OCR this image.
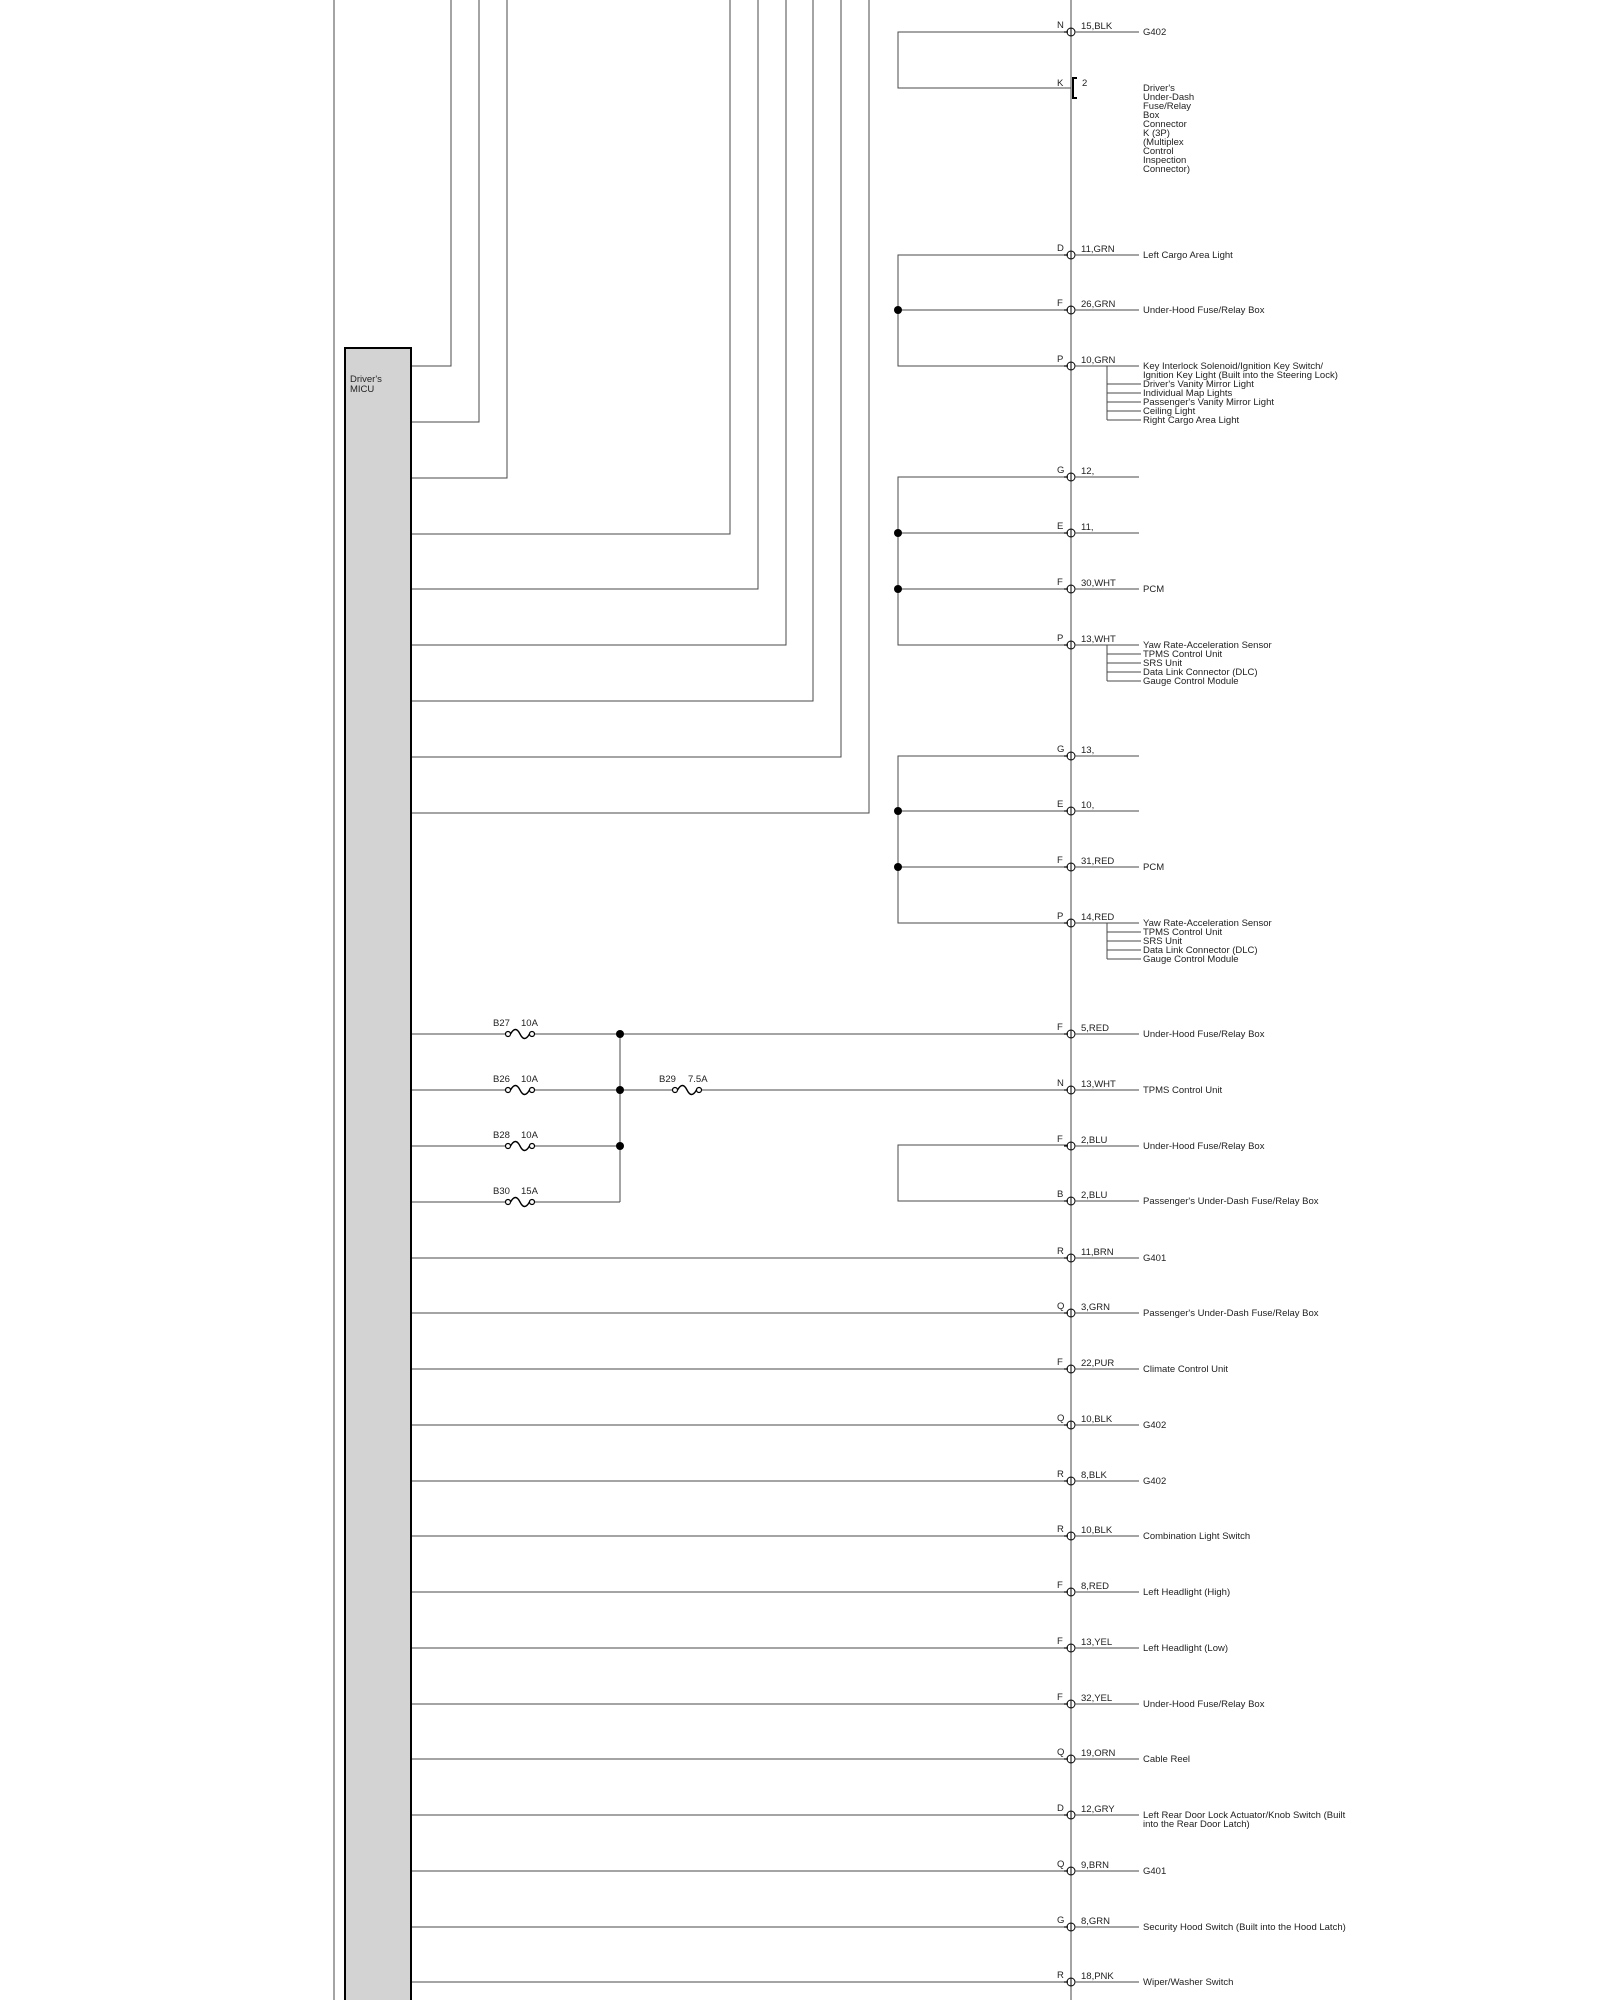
Driver's
MICU
K 2	Driver's Under-Dash Fuse/Relay Box Connector K (3P) (Multiplex Control Inspection Connector)
B27 10A
B26 10A
B28 10A
B30 15A
B29 7.5A
N 15,BLK
G402
D 11,GRN
Left Cargo Area Light
F 26,GRN
Under-Hood Fuse/Relay Box
P 10,GRN
Key Interlock Solenoid/Ignition Key Switch/
Ignition Key Light (Built into the Steering Lock)
G 12,
E 11,
F 30,WHT
PCM
P 13,WHT
Yaw Rate-Acceleration Sensor
G 13,
E 10,
F 31,RED
PCM
P 14,RED
Yaw Rate-Acceleration Sensor
F 5,RED
Under-Hood Fuse/Relay Box
N 13,WHT
TPMS Control Unit
F 2,BLU
Under-Hood Fuse/Relay Box
B 2,BLU
Passenger's Under-Dash Fuse/Relay Box
R 11,BRN
G401
Q 3,GRN
Passenger's Under-Dash Fuse/Relay Box
F 22,PUR
Climate Control Unit
Q 10,BLK
G402
R 8,BLK
G402
R 10,BLK
Combination Light Switch
F 8,RED
Left Headlight (High)
F 13,YEL
Left Headlight (Low)
F 32,YEL
Under-Hood Fuse/Relay Box
Q 19,ORN
Cable Reel
D 12,GRY
Left Rear Door Lock Actuator/Knob Switch (Built
into the Rear Door Latch)
Q 9,BRN
G401
G 8,GRN
Security Hood Switch (Built into the Hood Latch)
R 18,PNK
Wiper/Washer Switch
Driver's Vanity Mirror Light
Individual Map Lights
Passenger's Vanity Mirror Light
Ceiling Light
Right Cargo Area Light
TPMS Control Unit
SRS Unit
Data Link Connector (DLC)
Gauge Control Module
TPMS Control Unit
SRS Unit
Data Link Connector (DLC)
Gauge Control Module
